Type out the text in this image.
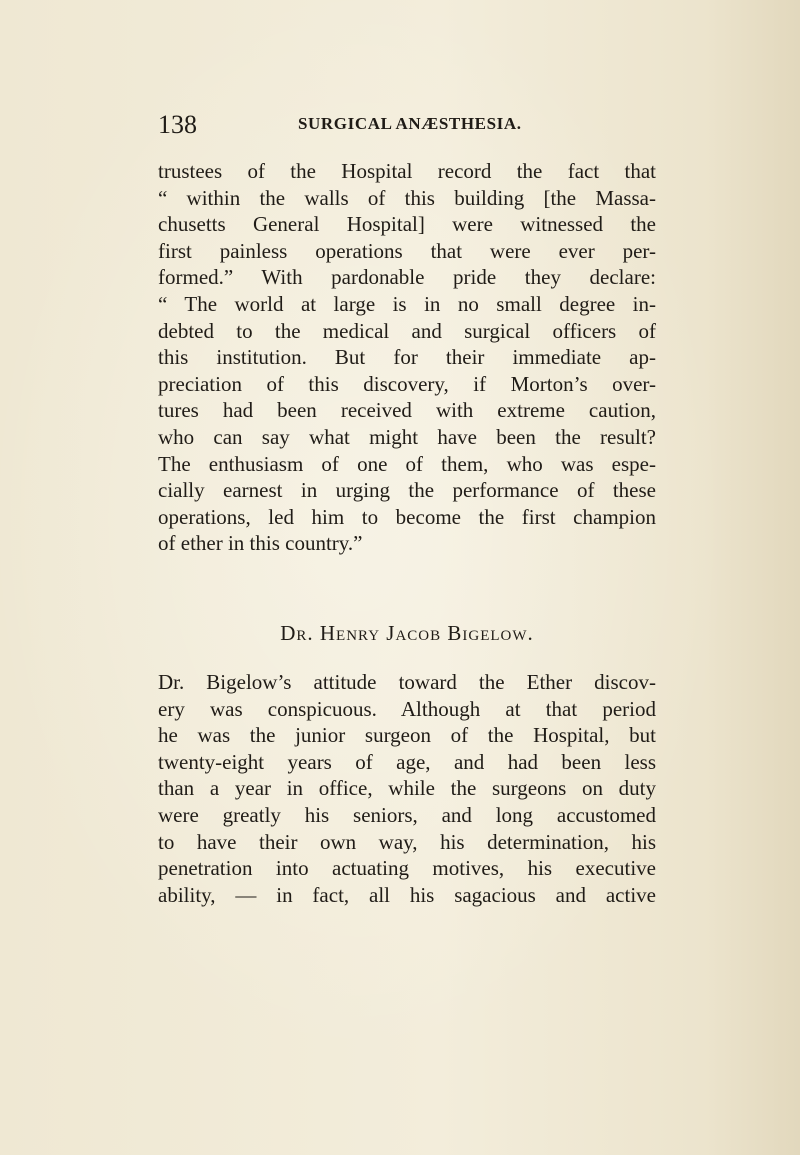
138	SURGICAL ANÆSTHESIA.
trustees of the Hospital record the fact that
“ within the walls of this building [the Massa-
chusetts General Hospital] were witnessed the
first painless operations that were ever per-
formed.” With pardonable pride they declare:
“ The world at large is in no small degree in-
debted to the medical and surgical officers of
this institution. But for their immediate ap-
preciation of this discovery, if Morton’s over-
tures had been received with extreme caution,
who can say what might have been the result?
The enthusiasm of one of them, who was espe-
cially earnest in urging the performance of these
operations, led him to become the first champion
of ether in this country.”
Dr. Henry Jacob Bigelow.
Dr. Bigelow’s attitude toward the Ether discov-
ery was conspicuous. Although at that period
he was the junior surgeon of the Hospital, but
twenty-eight years of age, and had been less
than a year in office, while the surgeons on duty
were greatly his seniors, and long accustomed
to have their own way, his determination, his
penetration into actuating motives, his executive
ability, — in fact, all his sagacious and active
